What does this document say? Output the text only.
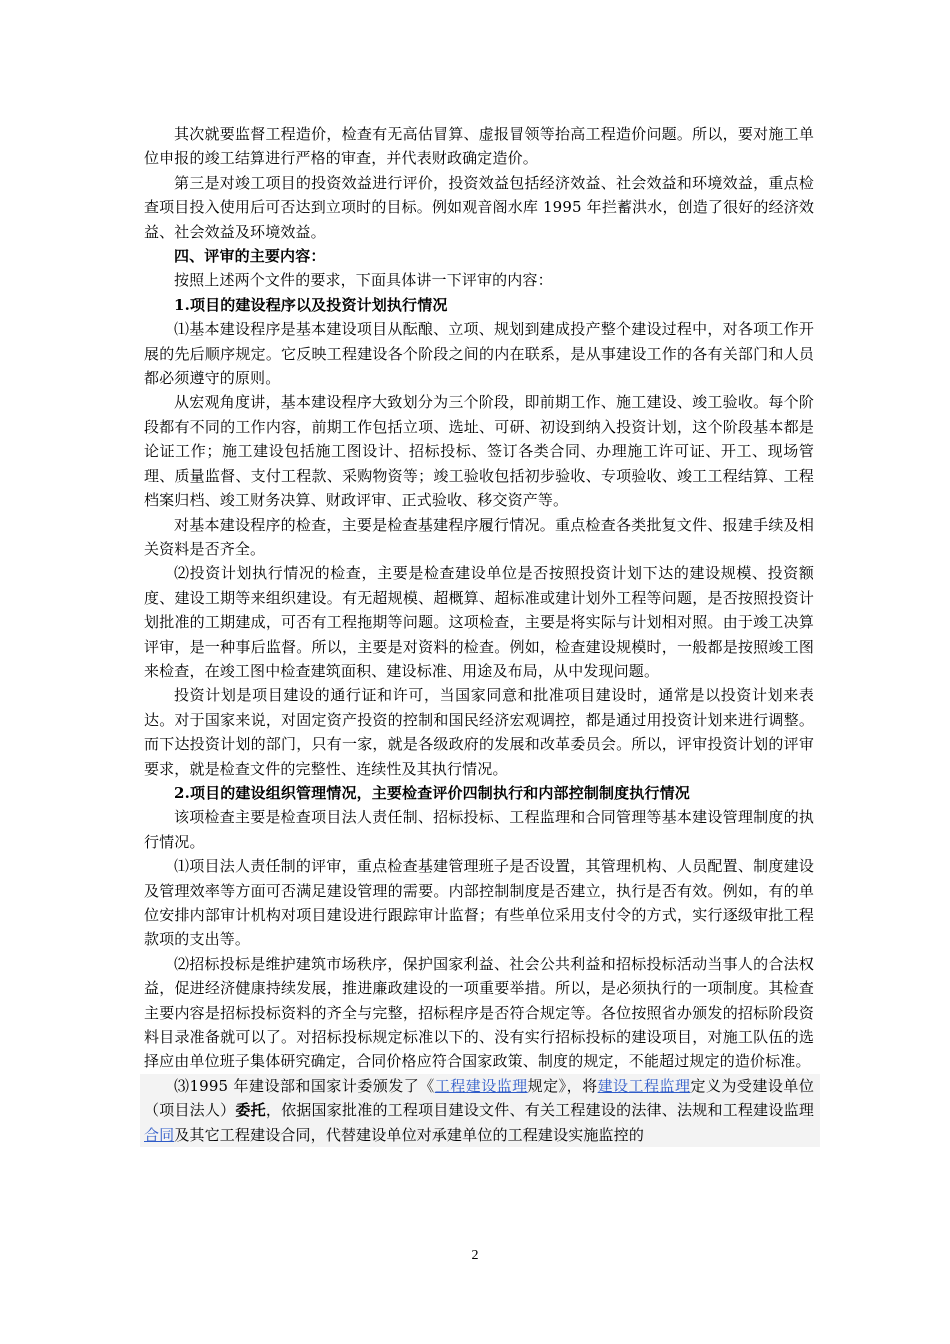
其次就要监督工程造价，检查有无高估冒算、虚报冒领等抬高工程造价问题。所以，要对施工单位申报的竣工结算进行严格的审查，并代表财政确定造价。

第三是对竣工项目的投资效益进行评价，投资效益包括经济效益、社会效益和环境效益，重点检查项目投入使用后可否达到立项时的目标。例如观音阁水库 1995 年拦蓄洪水，创造了很好的经济效益、社会效益及环境效益。

四、评审的主要内容：

按照上述两个文件的要求，下面具体讲一下评审的内容：

1.项目的建设程序以及投资计划执行情况

⑴基本建设程序是基本建设项目从酝酿、立项、规划到建成投产整个建设过程中，对各项工作开展的先后顺序规定。它反映工程建设各个阶段之间的内在联系，是从事建设工作的各有关部门和人员都必须遵守的原则。

从宏观角度讲，基本建设程序大致划分为三个阶段，即前期工作、施工建设、竣工验收。每个阶段都有不同的工作内容，前期工作包括立项、选址、可研、初设到纳入投资计划，这个阶段基本都是论证工作；施工建设包括施工图设计、招标投标、签订各类合同、办理施工许可证、开工、现场管理、质量监督、支付工程款、采购物资等；竣工验收包括初步验收、专项验收、竣工工程结算、工程档案归档、竣工财务决算、财政评审、正式验收、移交资产等。

对基本建设程序的检查，主要是检查基建程序履行情况。重点检查各类批复文件、报建手续及相关资料是否齐全。

⑵投资计划执行情况的检查，主要是检查建设单位是否按照投资计划下达的建设规模、投资额度、建设工期等来组织建设。有无超规模、超概算、超标准或建计划外工程等问题，是否按照投资计划批准的工期建成，可否有工程拖期等问题。这项检查，主要是将实际与计划相对照。由于竣工决算评审，是一种事后监督。所以，主要是对资料的检查。例如，检查建设规模时，一般都是按照竣工图来检查，在竣工图中检查建筑面积、建设标准、用途及布局，从中发现问题。

投资计划是项目建设的通行证和许可，当国家同意和批准项目建设时，通常是以投资计划来表达。对于国家来说，对固定资产投资的控制和国民经济宏观调控，都是通过用投资计划来进行调整。而下达投资计划的部门，只有一家，就是各级政府的发展和改革委员会。所以，评审投资计划的评审要求，就是检查文件的完整性、连续性及其执行情况。

2.项目的建设组织管理情况，主要检查评价四制执行和内部控制制度执行情况

该项检查主要是检查项目法人责任制、招标投标、工程监理和合同管理等基本建设管理制度的执行情况。

⑴项目法人责任制的评审，重点检查基建管理班子是否设置，其管理机构、人员配置、制度建设及管理效率等方面可否满足建设管理的需要。内部控制制度是否建立，执行是否有效。例如，有的单位安排内部审计机构对项目建设进行跟踪审计监督；有些单位采用支付令的方式，实行逐级审批工程款项的支出等。

⑵招标投标是维护建筑市场秩序，保护国家利益、社会公共利益和招标投标活动当事人的合法权益，促进经济健康持续发展，推进廉政建设的一项重要举措。所以，是必须执行的一项制度。其检查主要内容是招标投标资料的齐全与完整，招标程序是否符合规定等。各位按照省办颁发的招标阶段资料目录准备就可以了。对招标投标规定标准以下的、没有实行招标投标的建设项目，对施工队伍的选择应由单位班子集体研究确定，合同价格应符合国家政策、制度的规定，不能超过规定的造价标准。

⑶1995 年建设部和国家计委颁发了《工程建设监理规定》，将建设工程监理定义为受建设单位（项目法人）委托，依据国家批准的工程项目建设文件、有关工程建设的法律、法规和工程建设监理合同及其它工程建设合同，代替建设单位对承建单位的工程建设实施监控的

2
